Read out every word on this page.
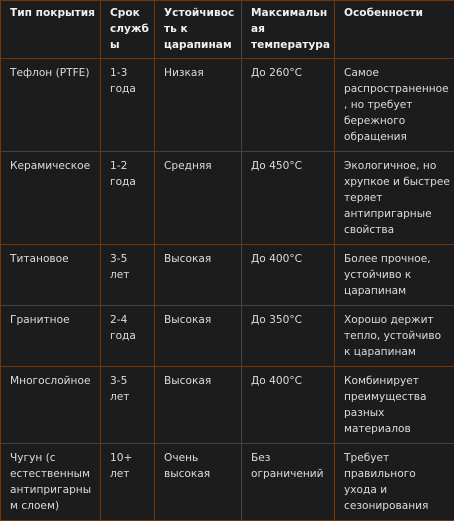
Тип покрытия	Срок службы	Устойчивость к царапинам	Максимальная температура	Особенности
Тефлон (PTFE)	1-3 года	Низкая	До 260°C	Самое распространенное, но требует бережного обращения
Керамическое	1-2 года	Средняя	До 450°C	Экологичное, но хрупкое и быстрее теряет антипригарные свойства
Титановое	3-5 лет	Высокая	До 400°C	Более прочное, устойчиво к царапинам
Гранитное	2-4 года	Высокая	До 350°C	Хорошо держит тепло, устойчиво к царапинам
Многослойное	3-5 лет	Высокая	До 400°C	Комбинирует преимущества разных материалов
Чугун (с естественным антипригарным слоем)	10+ лет	Очень высокая	Без ограничений	Требует правильного ухода и сезонирования
